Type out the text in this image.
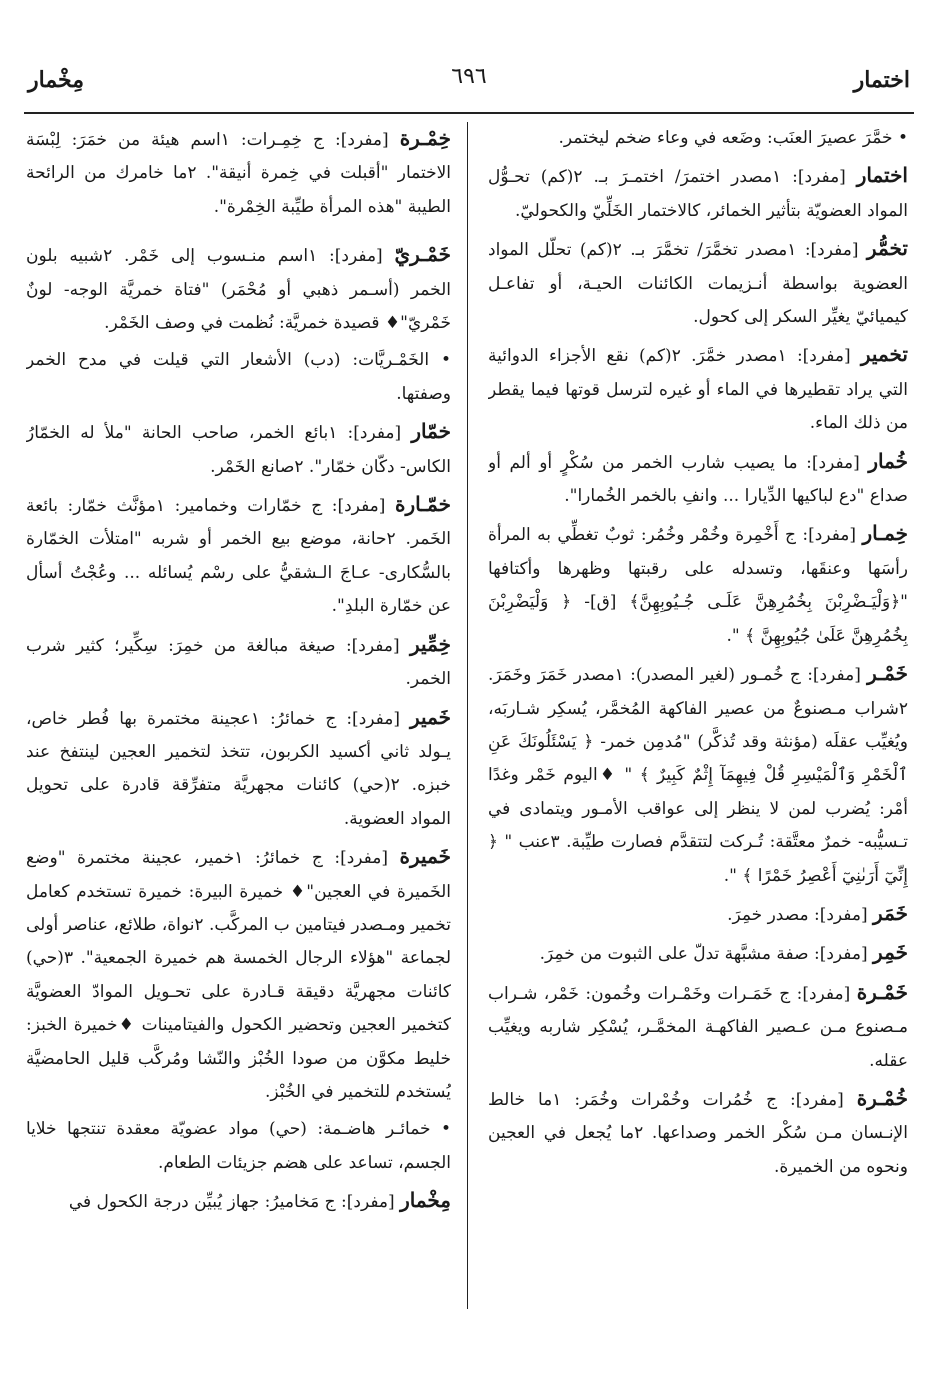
اختمار
٦٩٦
مِخْمار

• خمَّرَ عصيرَ العنَب: وضَعه في وعاء ضخم ليختمر.

اختمار [مفرد]: ١مصدر اختمرَ/ اختمـرَ بـ. ٢(كم) تحـوُّل المواد العضويّة بتأثير الخمائر، كالاختمار الخَلِّيّ والكحوليّ.

تخمُّر [مفرد]: ١مصدر تخمَّرَ/ تخمَّرَ بـ. ٢(كم) تحلّل المواد العضوية بواسطة أنـزيمات الكائنات الحيـة، أو تفاعـل كيميائيّ يغيِّر السكر إلى كحول.

تخمير [مفرد]: ١مصدر خمَّرَ. ٢(كم) نقع الأجزاء الدوائية التي يراد تقطيرها في الماء أو غيره لترسل قوتها فيما يقطر من ذلك الماء.

خُمار [مفرد]: ما يصيب شارب الخمر من سُكْرٍ أو ألم أو صداع "دع لباكيها الدِّيارا ... وانفِ بالخمر الخُمارا".

خِمـار [مفرد]: ج أَخْمِرة وخُمْر وخُمُر: ثوبٌ تغطِّي به المرأة رأسَها وعنقَها، وتسدله على رقبتها وظهرها وأكتافها "﴿وَلْيَـضْرِبْنَ بِخُمُرِهِنَّ عَلَـى جُـيُوبِهِنَّ﴾ [ق]- ﴿ وَلْيَضْرِبْنَ بِخُمُرِهِنَّ عَلَىٰ جُيُوبِهِنَّ ﴾ ".

خَمْـر [مفرد]: ج خُمـور (لغير المصدر): ١مصدر خَمَرَ وخَمَرَ. ٢شراب مـصنوعٌ من عصير الفاكهة المُخمَّر، يُسكِر شـاربَه، ويُغيِّب عقلَه (مؤنثة وقد تُذكَّر) "مُدمِن خمر- ﴿ يَسْئَلُونَكَ عَنِ ٱلْخَمْرِ وَٱلْمَيْسِرِ قُلْ فِيهِمَآ إِثْمٌ كَبِيرٌ ﴾ " ♦اليوم خَمْر وغدًا أمْر: يُضرب لمن لا ينظر إلى عواقب الأمـور ويتمادى في تـسيُّبه- خمرٌ معتَّقة: تُـركت لتتقدَّم فصارت طيِّبة. ٣عنب " ﴿ إِنِّيٓ أَرَىٰنِيٓ أَعْصِرُ خَمْرًا ﴾ ".

خَمَر [مفرد]: مصدر خمِرَ.

خَمِر [مفرد]: صفة مشبَّهة تدلّ على الثبوت من خمِرَ.

خَمْـرة [مفرد]: ج خَمَـرات وخَمْـرات وخُمون: خَمْر، شـراب مـصنوع مـن عـصير الفاكهـة المخمَّـر، يُسْكِر شاربه ويغيِّب عقله.

خُمْـرة [مفرد]: ج خُمُرات وخُمْرات وخُمَر: ١ما خالط الإنـسان مـن سُكْر الخمر وصداعها. ٢ما يُجعل في العجين ونحوه من الخميرة.

خِمْـرة [مفرد]: ج خِمِـرات: ١اسم هيئة من خمَرَ: لِبْسَة الاختمار "أقبلت في خِمرة أنيقة". ٢ما خامرك من الرائحة الطيبة "هذه المرأة طيِّبة الخِمْرة".

خَمْـريّ [مفرد]: ١اسم منـسوب إلى خَمْر. ٢شبيه بلون الخمر (أسـمر ذهبي أو مُحْمَر) "فتاة خمريَّة الوجه- لونٌ خَمْريّ"♦ قصيدة خمريَّة: نُظمت في وصف الخَمْر.

• الخَمْـريَّات: (دب) الأشعار التي قيلت في مدح الخمر وصفتها.

خمّار [مفرد]: ١بائع الخمر، صاحب الحانة "ملأ له الخمّارُ الكاس- دكّان خمّار". ٢صانع الخَمْر.

خمّـارة [مفرد]: ج خمّارات وخمامير: ١مؤنَّث خمّار: بائعة الخَمر. ٢حانة، موضع بيع الخمر أو شربه "امتلأت الخمّارة بالسُّكارى- عـاجَ الـشقيُّ على رسْم يُسائله ... وعُجْتُ أسأل عن خمّارة البلدِ".

خِمِّير [مفرد]: صيغة مبالغة من خمِرَ: سِكِّير؛ كثير شرب الخمر.

خَمير [مفرد]: ج خمائرُ: ١عجينة مختمرة بها فُطر خاص، يـولد ثاني أكسيد الكربون، تتخذ لتخمير العجين لينتفخ عند خبزه. ٢(حي) كائنات مجهريَّة متفرِّقة قادرة على تحويل المواد العضوية.

خَميرة [مفرد]: ج خمائرُ: ١خمير، عجينة مختمرة "وضع الخَميرة في العجين"♦ خميرة البيرة: خميرة تستخدم كعامل تخمير ومـصدر فيتامين ب المركَّب. ٢نواة، طلائع، عناصر أولى لجماعة "هؤلاء الرجال الخمسة هم خميرة الجمعية". ٣(حي) كائنات مجهريَّة دقيقة قـادرة على تحـويل الموادّ العضويَّة كتخمير العجين وتحضير الكحول والفيتامينات ♦خميرة الخبز: خليط مكوَّن من صودا الخُبْز والنّشا ومُركَّب قليل الحامضيَّة يُستخدم للتخمير في الخُبْز.

• خمائـر هاضـمة: (حي) مواد عضويّة معقدة تنتجها خلايا الجسم، تساعد على هضم جزيئات الطعام.

مِخْمار [مفرد]: ج مَخاميرُ: جهاز يُبيِّن درجة الكحول في
